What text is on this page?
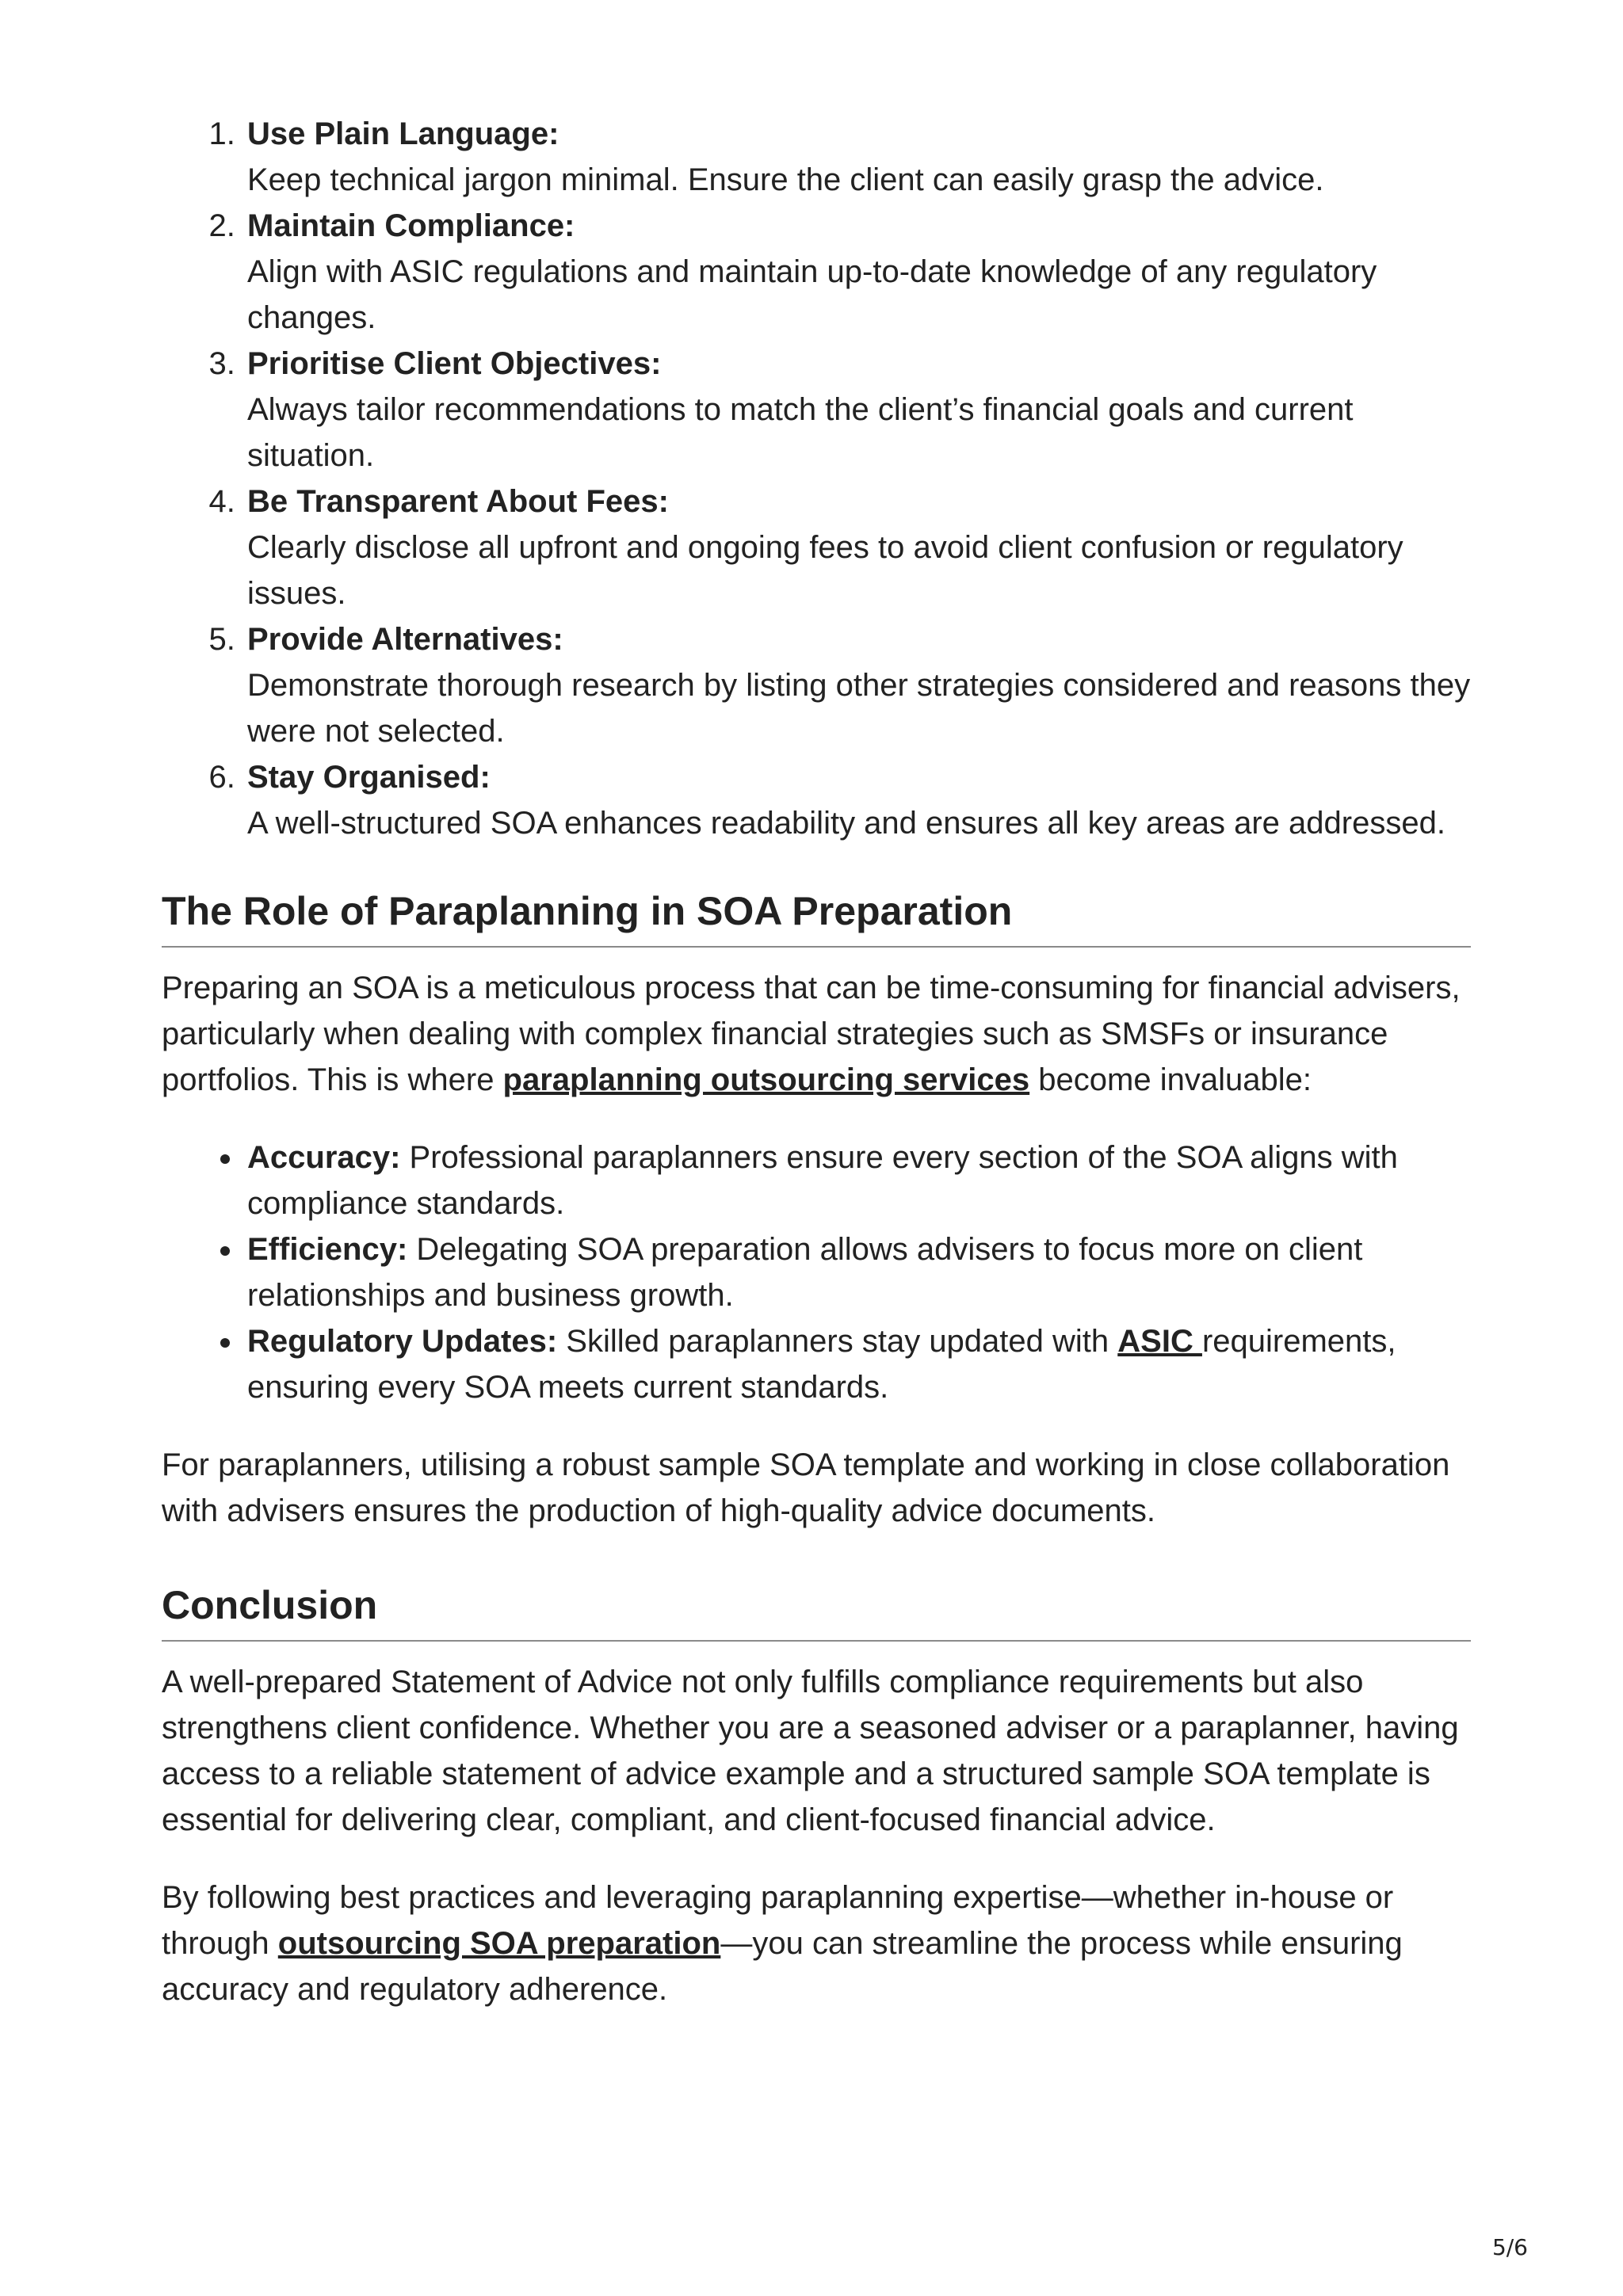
1. Use Plain Language:
Keep technical jargon minimal. Ensure the client can easily grasp the advice.
2. Maintain Compliance:
Align with ASIC regulations and maintain up-to-date knowledge of any regulatory changes.
3. Prioritise Client Objectives:
Always tailor recommendations to match the client’s financial goals and current situation.
4. Be Transparent About Fees:
Clearly disclose all upfront and ongoing fees to avoid client confusion or regulatory issues.
5. Provide Alternatives:
Demonstrate thorough research by listing other strategies considered and reasons they were not selected.
6. Stay Organised:
A well-structured SOA enhances readability and ensures all key areas are addressed.
The Role of Paraplanning in SOA Preparation

Preparing an SOA is a meticulous process that can be time-consuming for financial advisers, particularly when dealing with complex financial strategies such as SMSFs or insurance portfolios. This is where paraplanning outsourcing services become invaluable:

• Accuracy: Professional paraplanners ensure every section of the SOA aligns with compliance standards.
• Efficiency: Delegating SOA preparation allows advisers to focus more on client relationships and business growth.
• Regulatory Updates: Skilled paraplanners stay updated with ASIC requirements, ensuring every SOA meets current standards.

For paraplanners, utilising a robust sample SOA template and working in close collaboration with advisers ensures the production of high-quality advice documents.

Conclusion

A well-prepared Statement of Advice not only fulfills compliance requirements but also strengthens client confidence. Whether you are a seasoned adviser or a paraplanner, having access to a reliable statement of advice example and a structured sample SOA template is essential for delivering clear, compliant, and client-focused financial advice.

By following best practices and leveraging paraplanning expertise—whether in-house or through outsourcing SOA preparation—you can streamline the process while ensuring accuracy and regulatory adherence.

5/6
